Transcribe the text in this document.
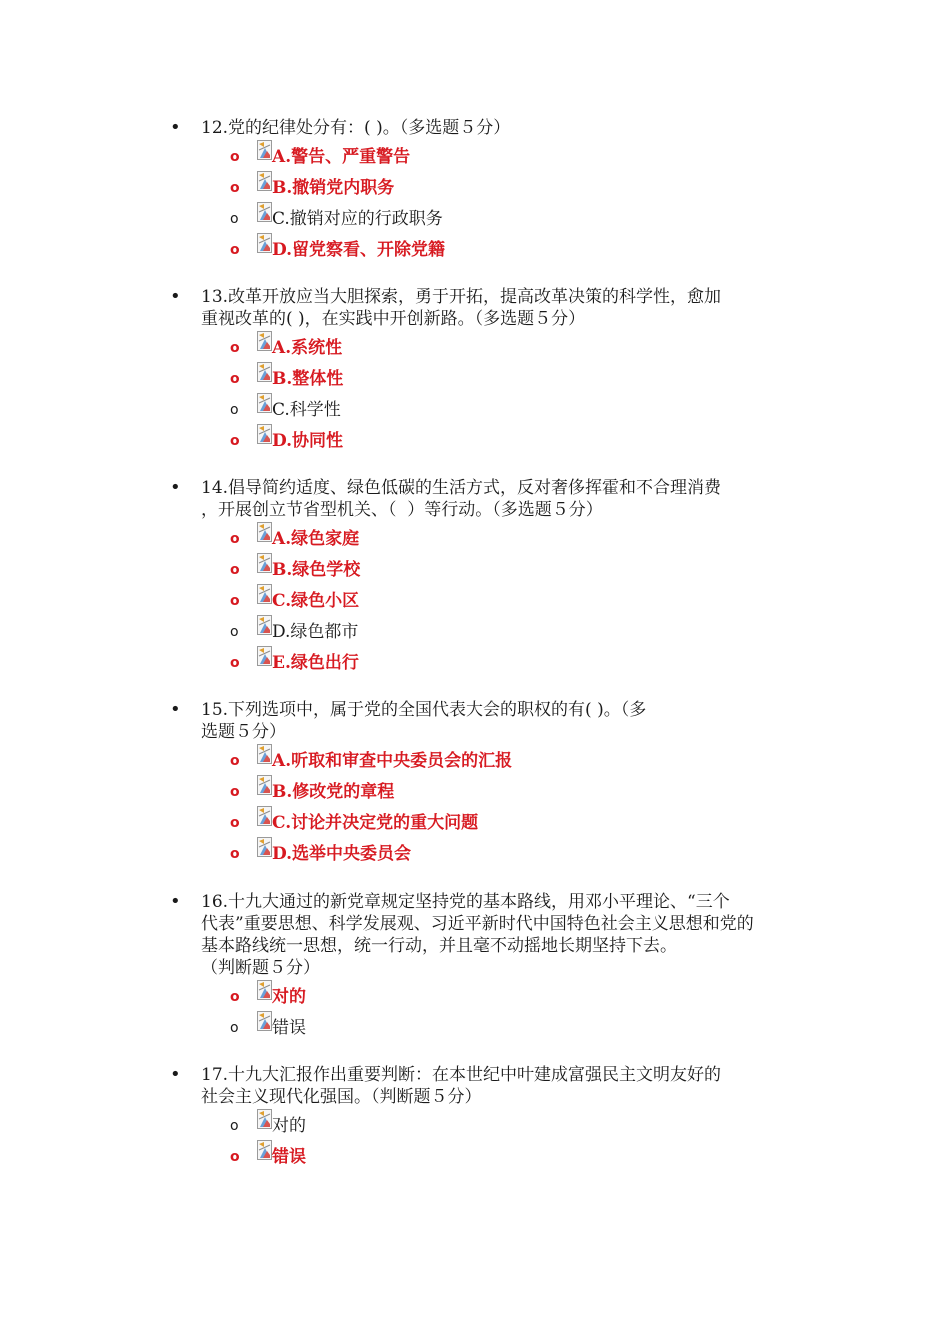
• 12.党的纪律处分有：( )。（多选题５分）
o A.警告、严重警告
o B.撤销党内职务
o C.撤销对应的行政职务
o D.留党察看、开除党籍
• 13.改革开放应当大胆探索，勇于开拓，提高改革决策的科学性，愈加
重视改革的( )，在实践中开创新路。（多选题５分）
o A.系统性
o B.整体性
o C.科学性
o D.协同性
• 14.倡导简约适度、绿色低碳的生活方式，反对奢侈挥霍和不合理消费
，开展创立节省型机关、（  ）等行动。（多选题５分）
o A.绿色家庭
o B.绿色学校
o C.绿色小区
o D.绿色都市
o E.绿色出行
• 15.下列选项中，属于党的全国代表大会的职权的有( )。（多
选题５分）
o A.听取和审查中央委员会的汇报
o B.修改党的章程
o C.讨论并决定党的重大问题
o D.选举中央委员会
• 16.十九大通过的新党章规定坚持党的基本路线，用邓小平理论、“三个
代表”重要思想、科学发展观、习近平新时代中国特色社会主义思想和党的
基本路线统一思想，统一行动，并且毫不动摇地长期坚持下去。
（判断题５分）
o 对的
o 错误
• 17.十九大汇报作出重要判断：在本世纪中叶建成富强民主文明友好的
社会主义现代化强国。（判断题５分）
o 对的
o 错误
